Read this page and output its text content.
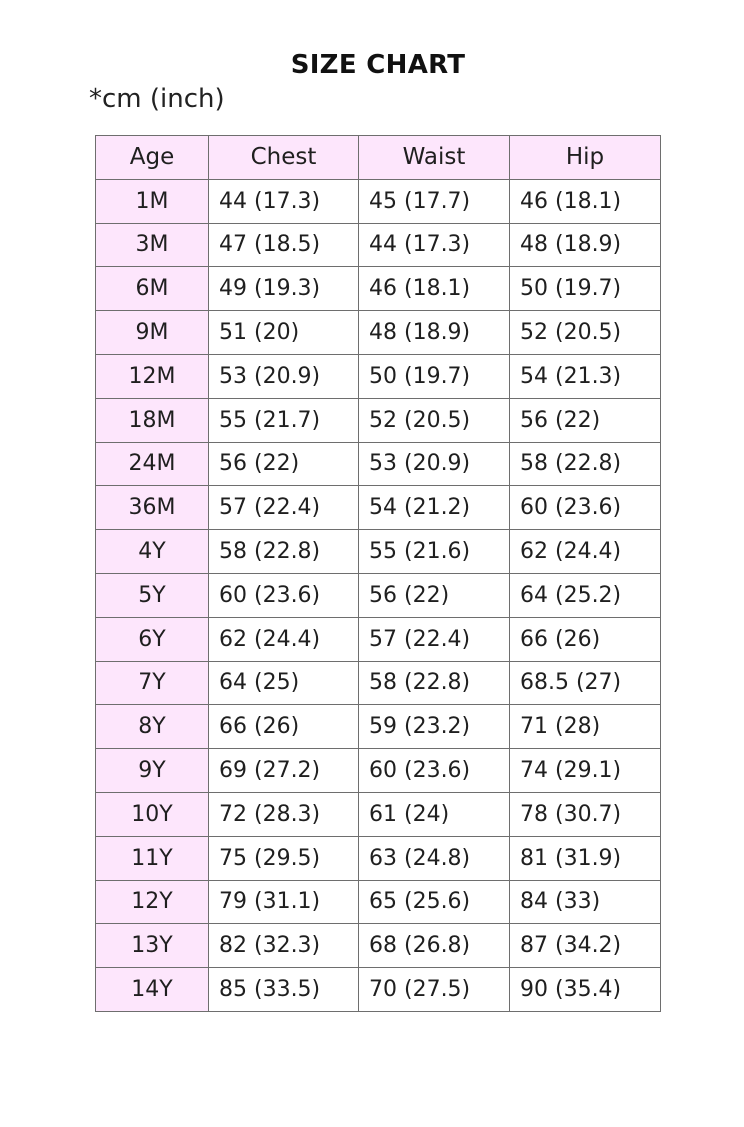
SIZE CHART
*cm (inch)
Age	Chest	Waist	Hip
1M	44 (17.3)	45 (17.7)	46 (18.1)
3M	47 (18.5)	44 (17.3)	48 (18.9)
6M	49 (19.3)	46 (18.1)	50 (19.7)
9M	51 (20)	48 (18.9)	52 (20.5)
12M	53 (20.9)	50 (19.7)	54 (21.3)
18M	55 (21.7)	52 (20.5)	56 (22)
24M	56 (22)	53 (20.9)	58 (22.8)
36M	57 (22.4)	54 (21.2)	60 (23.6)
4Y	58 (22.8)	55 (21.6)	62 (24.4)
5Y	60 (23.6)	56 (22)	64 (25.2)
6Y	62 (24.4)	57 (22.4)	66 (26)
7Y	64 (25)	58 (22.8)	68.5 (27)
8Y	66 (26)	59 (23.2)	71 (28)
9Y	69 (27.2)	60 (23.6)	74 (29.1)
10Y	72 (28.3)	61 (24)	78 (30.7)
11Y	75 (29.5)	63 (24.8)	81 (31.9)
12Y	79 (31.1)	65 (25.6)	84 (33)
13Y	82 (32.3)	68 (26.8)	87 (34.2)
14Y	85 (33.5)	70 (27.5)	90 (35.4)
